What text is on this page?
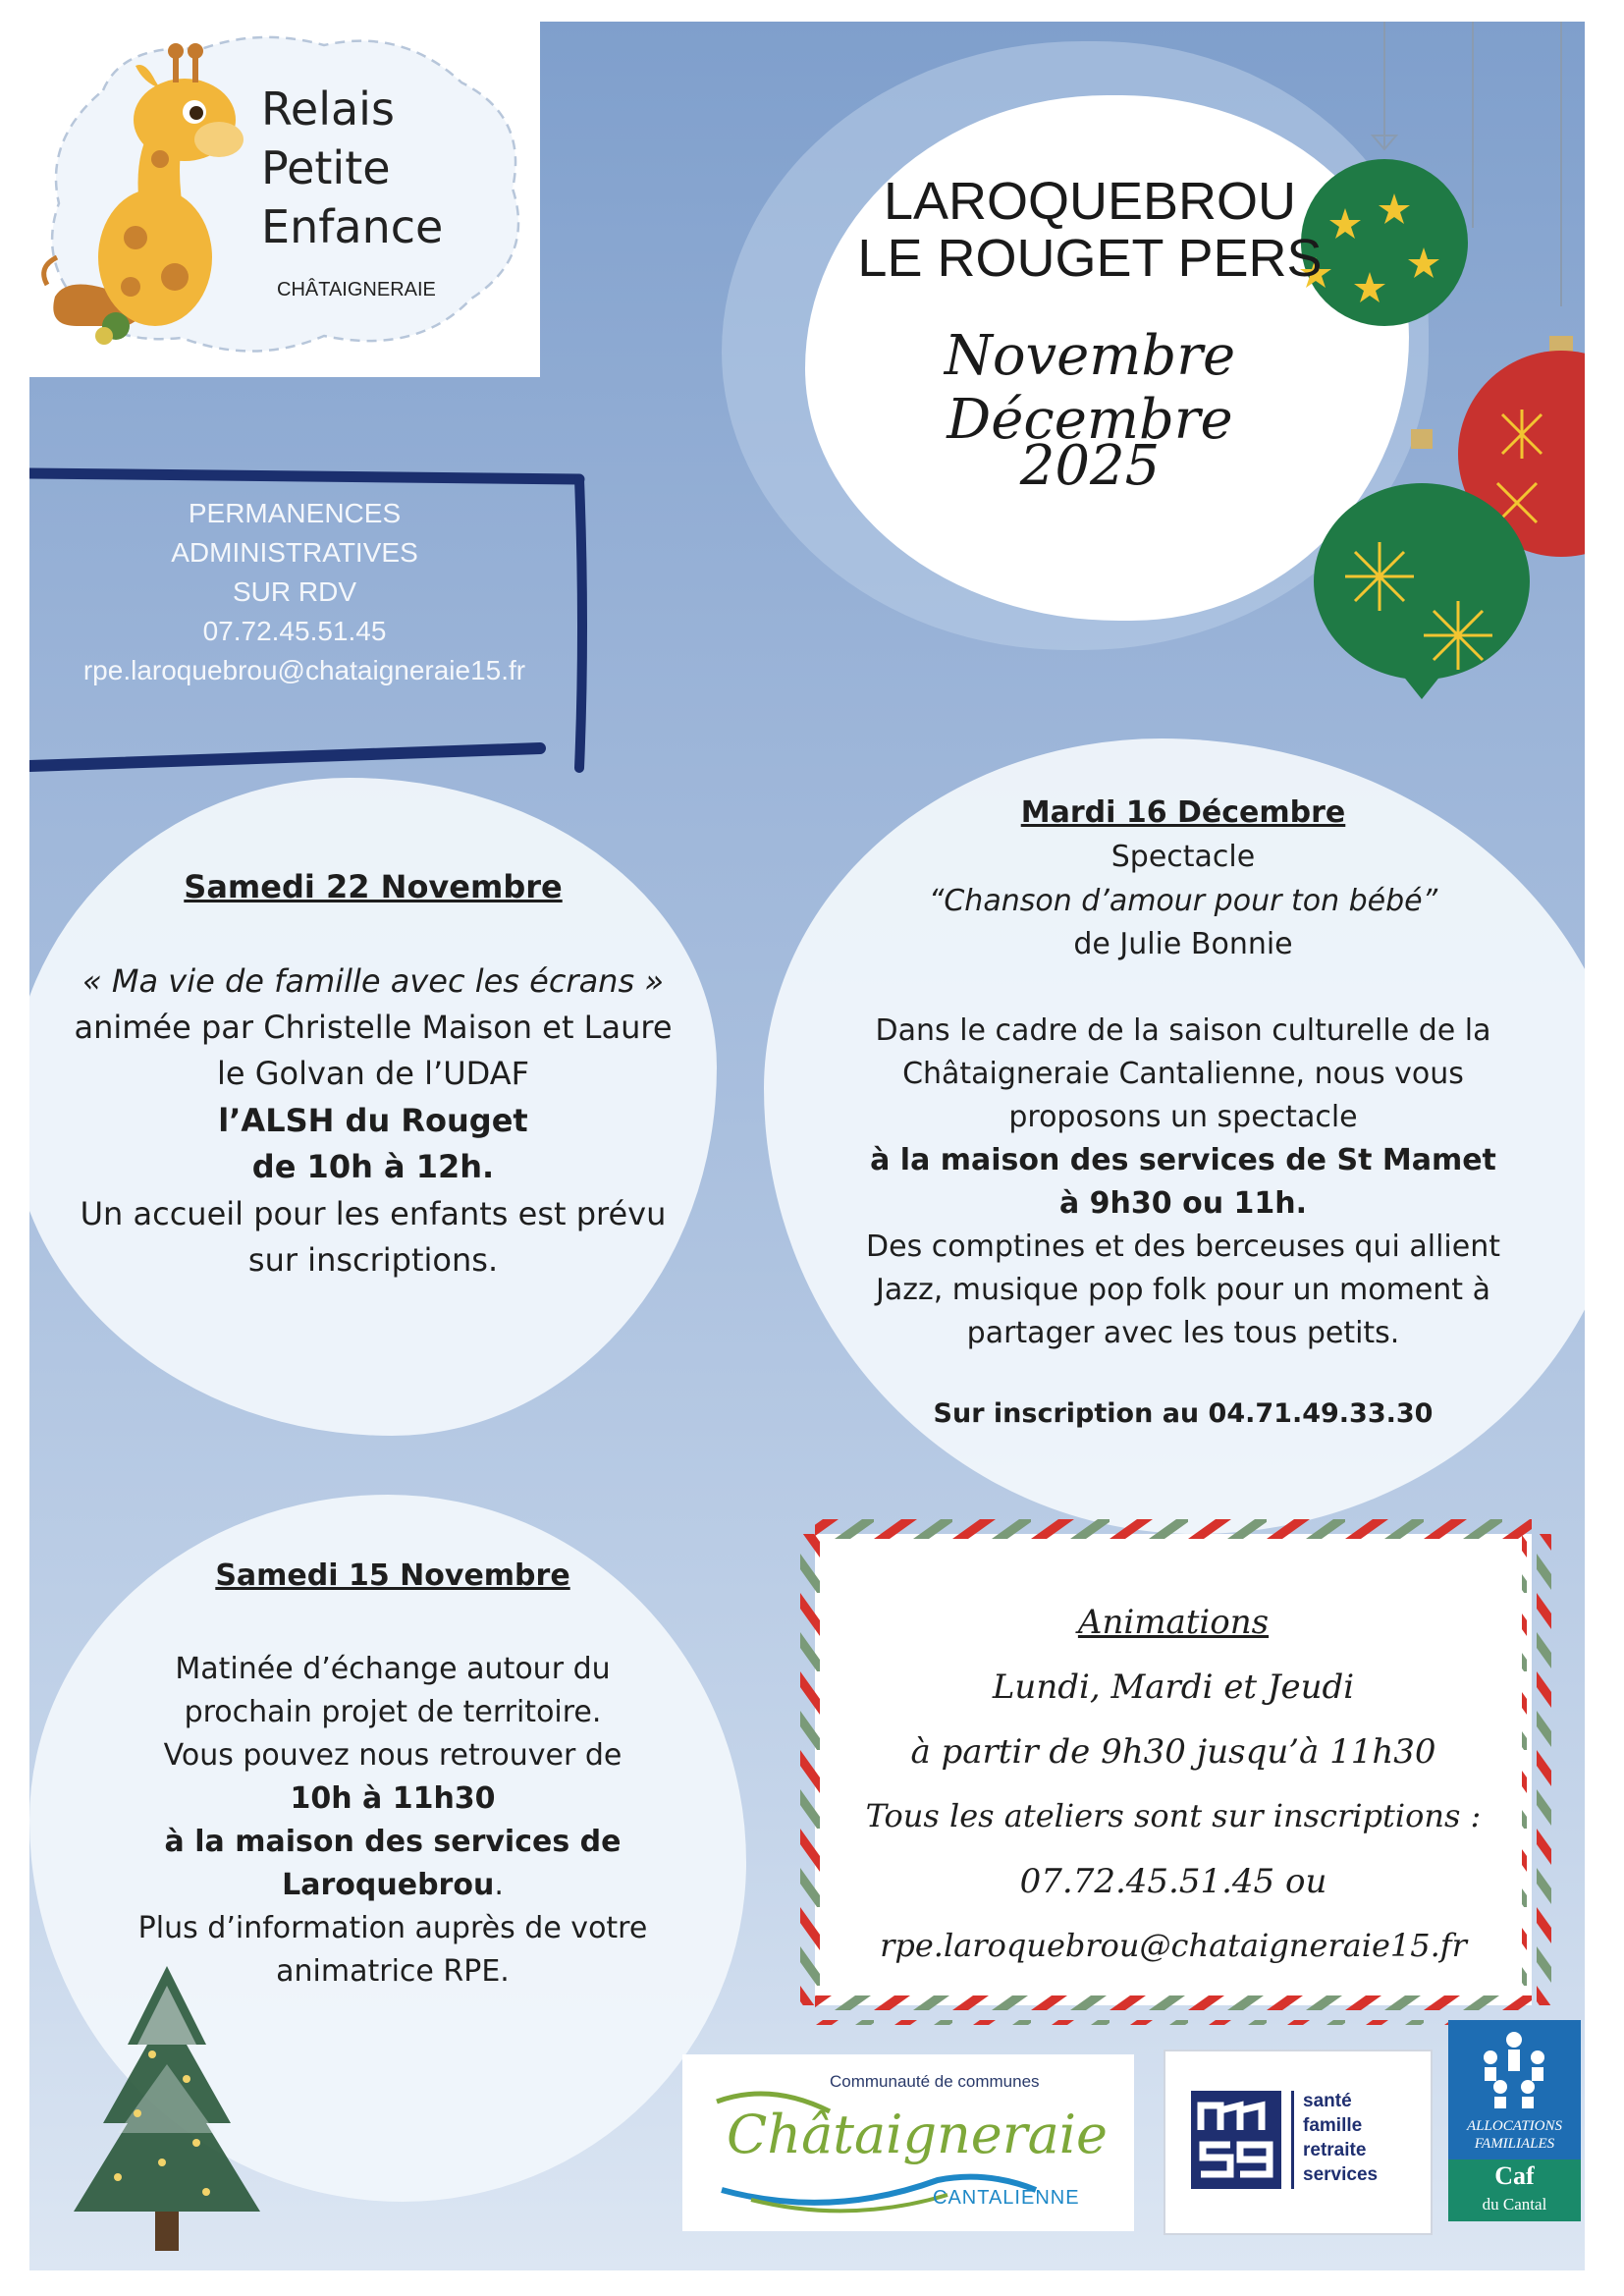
Relais
Petite
Enfance
CHÂTAIGNERAIE
LAROQUEBROU
LE ROUGET PERS
Novembre Décembre
2025
PERMANENCES
ADMINISTRATIVES
SUR RDV
07.72.45.51.45
rpe.laroquebrou@chataigneraie15.fr
Samedi 22 Novembre
« Ma vie de famille avec les écrans »
animée par Christelle Maison et Laure
le Golvan de l’UDAF
l’ALSH du Rouget
de 10h à 12h.
Un accueil pour les enfants est prévu
sur inscriptions.
Mardi 16 Décembre
Spectacle
“Chanson d’amour pour ton bébé”
de Julie Bonnie
Dans le cadre de la saison culturelle de la
Châtaigneraie Cantalienne, nous vous
proposons un spectacle
à la maison des services de St Mamet
à 9h30 ou 11h.
Des comptines et des berceuses qui allient
Jazz, musique pop folk pour un moment à
partager avec les tous petits.
Sur inscription au 04.71.49.33.30
Samedi 15 Novembre
Matinée d’échange autour du
prochain projet de territoire.
Vous pouvez nous retrouver de
10h à 11h30
à la maison des services de
Laroquebrou.
Plus d’information auprès de votre
animatrice RPE.
Animations
Lundi, Mardi et Jeudi
à partir de 9h30 jusqu’à 11h30
Tous les ateliers sont sur inscriptions :
07.72.45.51.45 ou
rpe.laroquebrou@chataigneraie15.fr
Communauté de communes
Châtaigneraie
CANTALIENNE
santé
famille
retraite
services
ALLOCATIONS
FAMILIALES
Caf
du Cantal
